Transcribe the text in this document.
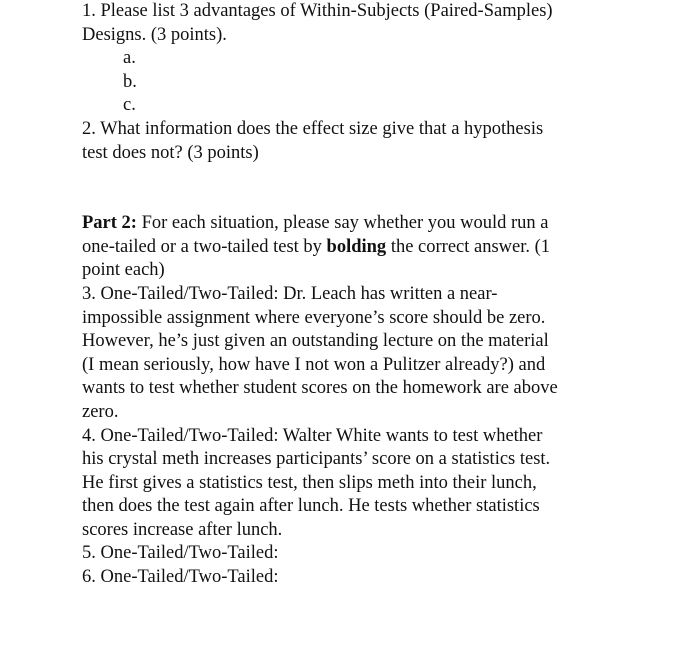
1. Please list 3 advantages of Within-Subjects (Paired-Samples)

Designs. (3 points).

a.

b.

c.

2. What information does the effect size give that a hypothesis

test does not? (3 points)

Part 2: For each situation, please say whether you would run a

one-tailed or a two-tailed test by bolding the correct answer. (1

point each)

3. One-Tailed/Two-Tailed: Dr. Leach has written a near-

impossible assignment where everyone’s score should be zero.

However, he’s just given an outstanding lecture on the material

(I mean seriously, how have I not won a Pulitzer already?) and

wants to test whether student scores on the homework are above

zero.

4. One-Tailed/Two-Tailed: Walter White wants to test whether

his crystal meth increases participants’ score on a statistics test.

He first gives a statistics test, then slips meth into their lunch,

then does the test again after lunch. He tests whether statistics

scores increase after lunch.

5. One-Tailed/Two-Tailed:

6. One-Tailed/Two-Tailed:
